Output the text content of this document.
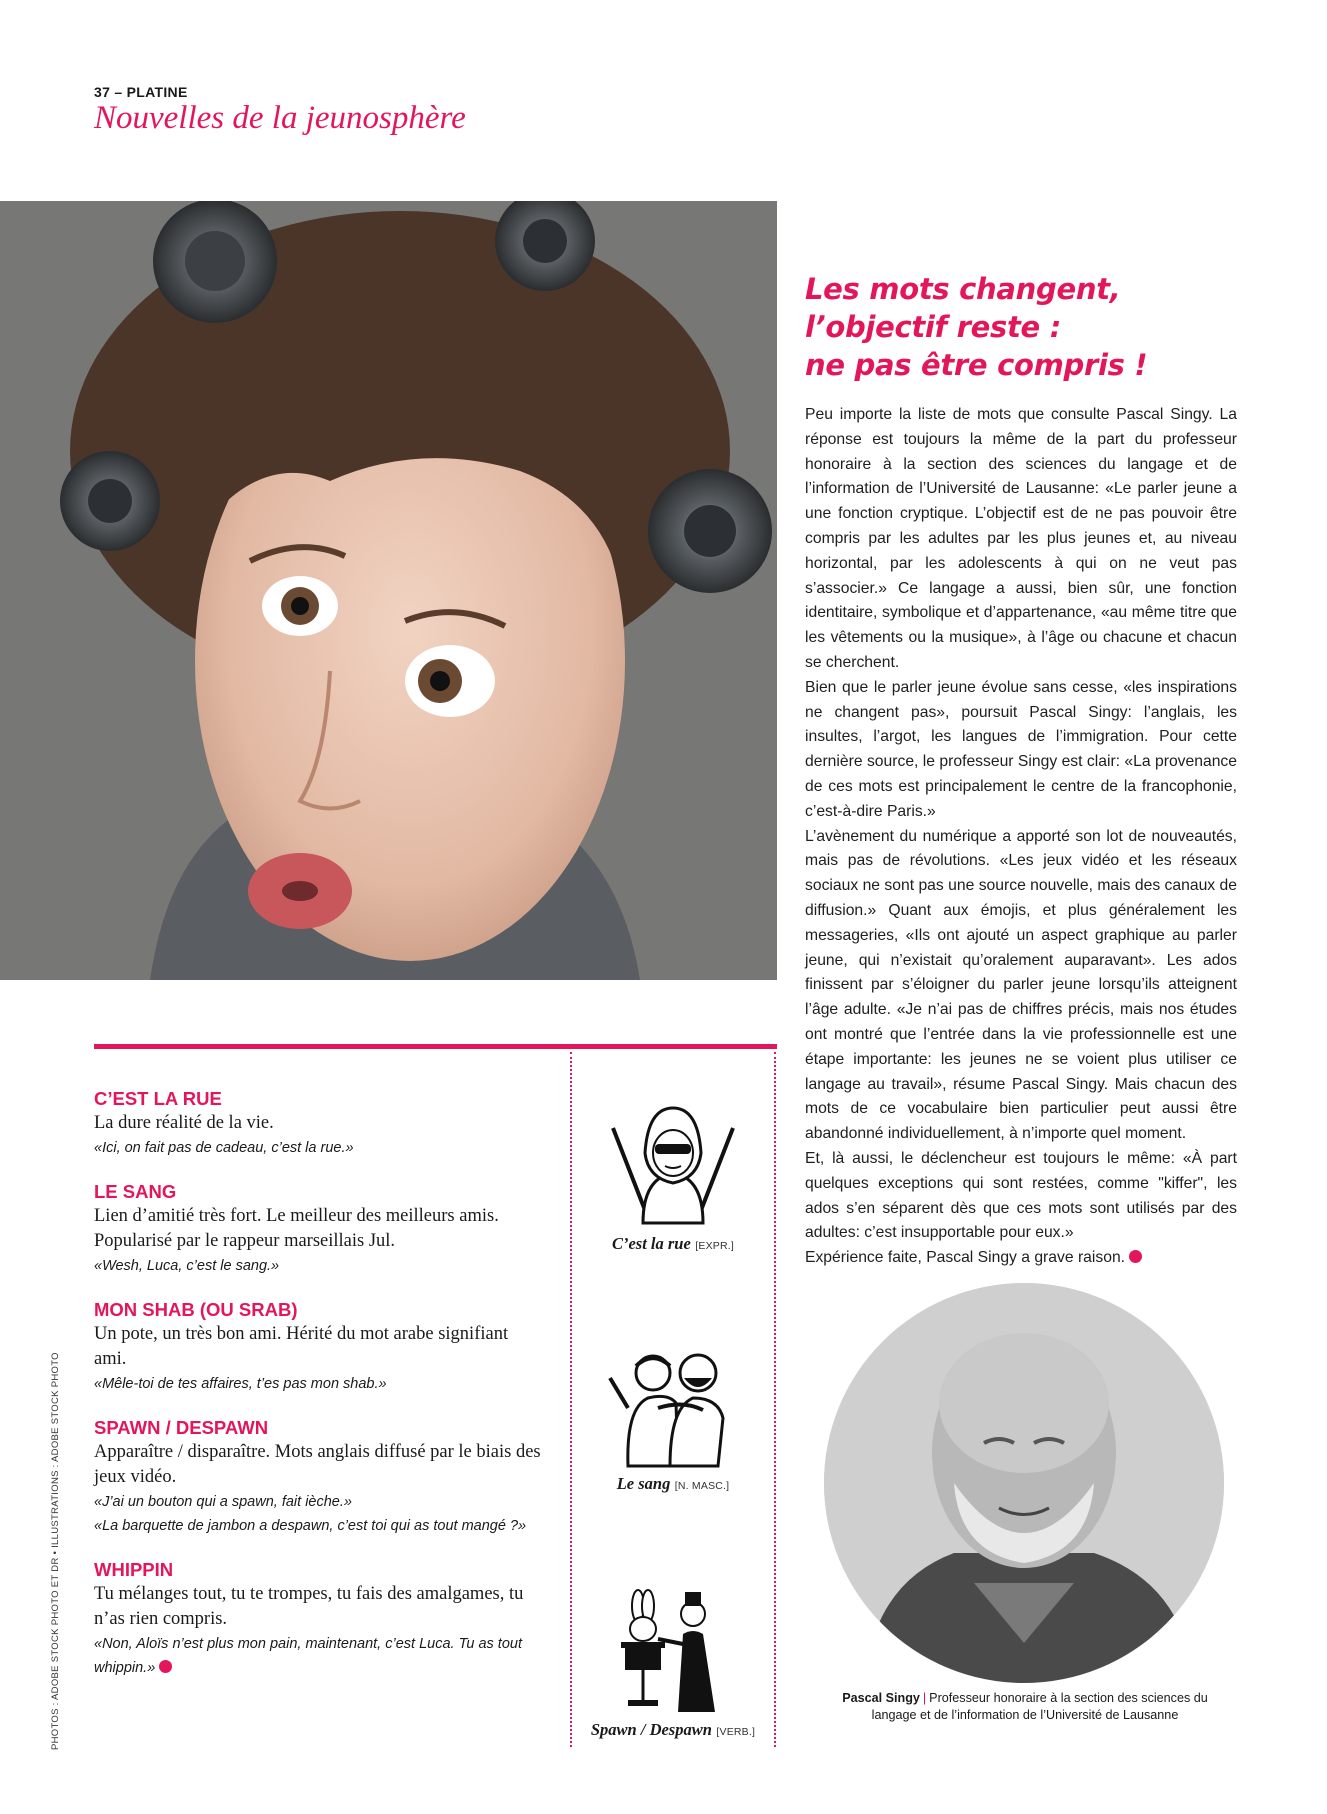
37 – PLATINE
Nouvelles de la jeunosphère
Les mots changent,
l’objectif reste :
ne pas être compris !

Peu importe la liste de mots que consulte Pascal Singy. La réponse est toujours la même de la part du professeur honoraire à la section des sciences du langage et de l’information de l’Université de Lausanne: «Le parler jeune a une fonction cryptique. L’objectif est de ne pas pouvoir être compris par les adultes par les plus jeunes et, au niveau horizontal, par les adolescents à qui on ne veut pas s’associer.» Ce langage a aussi, bien sûr, une fonction identitaire, symbolique et d’appartenance, «au même titre que les vêtements ou la musique», à l’âge ou chacune et chacun se cherchent.

Bien que le parler jeune évolue sans cesse, «les inspirations ne changent pas», poursuit Pascal Singy: l’anglais, les insultes, l’argot, les langues de l’immigration. Pour cette dernière source, le professeur Singy est clair: «La provenance de ces mots est principalement le centre de la francophonie, c’est-à-dire Paris.»

L’avènement du numérique a apporté son lot de nouveautés, mais pas de révolutions. «Les jeux vidéo et les réseaux sociaux ne sont pas une source nouvelle, mais des canaux de diffusion.» Quant aux émojis, et plus généralement les messageries, «Ils ont ajouté un aspect graphique au parler jeune, qui n’existait qu’oralement auparavant». Les ados finissent par s’éloigner du parler jeune lorsqu’ils atteignent l’âge adulte. «Je n’ai pas de chiffres précis, mais nos études ont montré que l’entrée dans la vie professionnelle est une étape importante: les jeunes ne se voient plus utiliser ce langage au travail», résume Pascal Singy. Mais chacun des mots de ce vocabulaire bien particulier peut aussi être abandonné individuellement, à n’importe quel moment.

Et, là aussi, le déclencheur est toujours le même: «À part quelques exceptions qui sont restées, comme "kiffer", les ados s’en séparent dès que ces mots sont utilisés par des adultes: c’est insupportable pour eux.»

Expérience faite, Pascal Singy a grave raison.

C’EST LA RUE
La dure réalité de la vie.
«Ici, on fait pas de cadeau, c’est la rue.»
LE SANG
Lien d’amitié très fort. Le meilleur des meilleurs amis. Popularisé par le rappeur marseillais Jul.
«Wesh, Luca, c’est le sang.»
MON SHAB (OU SRAB)
Un pote, un très bon ami. Hérité du mot arabe signifiant ami.
«Mêle-toi de tes affaires, t’es pas mon shab.»
SPAWN / DESPAWN
Apparaître / disparaître. Mots anglais diffusé par le biais des jeux vidéo.
«J’ai un bouton qui a spawn, fait ièche.»
«La barquette de jambon a despawn, c’est toi qui as tout mangé ?»
WHIPPIN
Tu mélanges tout, tu te trompes, tu fais des amalgames, tu n’as rien compris.
«Non, Aloïs n’est plus mon pain, maintenant, c’est Luca. Tu as tout whippin.»
C’est la rue [EXPR.]
Le sang [N. MASC.]
Spawn / Despawn [VERB.]
Pascal Singy | Professeur honoraire à la section des sciences du langage et de l’information de l’Université de Lausanne
PHOTOS : ADOBE STOCK PHOTO ET DR • ILLUSTRATIONS : ADOBE STOCK PHOTO
